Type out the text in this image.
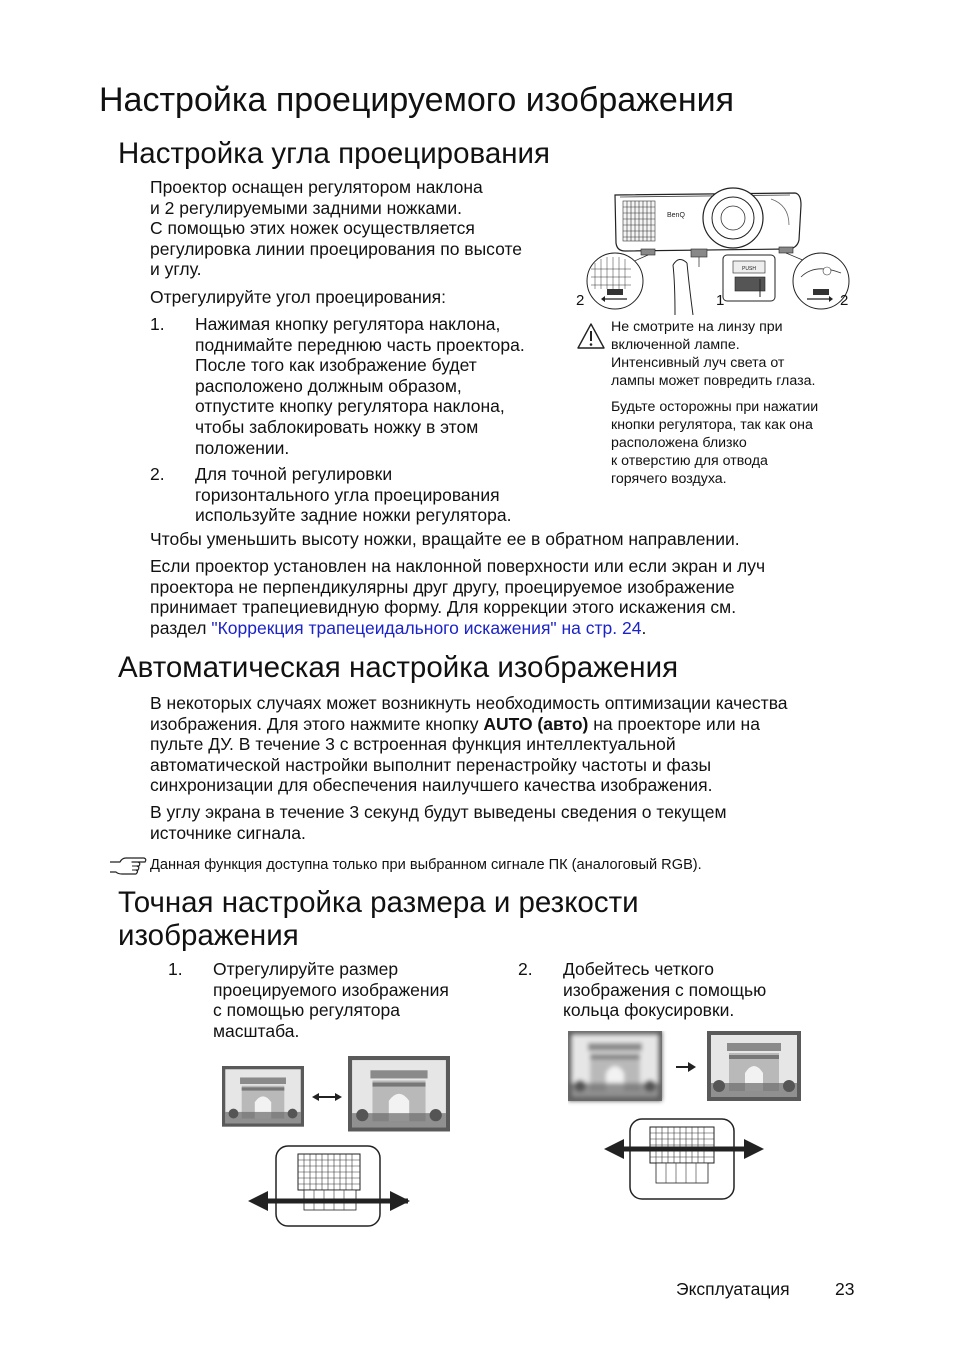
Настройка проецируемого изображения
Настройка угла проецирования
Проектор оснащен регулятором наклона
и 2 регулируемыми задними ножками.
С помощью этих ножек осуществляется
регулировка линии проецирования по высоте
и углу.
Отрегулируйте угол проецирования:
1. Нажимая кнопку регулятора наклона,
поднимайте переднюю часть проектора.
После того как изображение будет
расположено должным образом,
отпустите кнопку регулятора наклона,
чтобы заблокировать ножку в этом
положении.
2. Для точной регулировки
горизонтального угла проецирования
используйте задние ножки регулятора.
BenQ
PUSH
2	1	2
Не смотрите на линзу при
включенной лампе.
Интенсивный луч света от
лампы может повредить глаза.
Будьте осторожны при нажатии
кнопки регулятора, так как она
расположена близко
к отверстию для отвода
горячего воздуха.
Чтобы уменьшить высоту ножки, вращайте ее в обратном направлении.
Если проектор установлен на наклонной поверхности или если экран и луч
проектора не перпендикулярны друг другу, проецируемое изображение
принимает трапециевидную форму. Для коррекции этого искажения см.
раздел "Коррекция трапецеидального искажения" на стр. 24.
Автоматическая настройка изображения
В некоторых случаях может возникнуть необходимость оптимизации качества
изображения. Для этого нажмите кнопку AUTO (авто) на проекторе или на
пульте ДУ. В течение 3 с встроенная функция интеллектуальной
автоматической настройки выполнит перенастройку частоты и фазы
синхронизации для обеспечения наилучшего качества изображения.
В углу экрана в течение 3 секунд будут выведены сведения о текущем
источнике сигнала.
Данная функция доступна только при выбранном сигнале ПК (аналоговый RGB).
Точная настройка размера и резкости
изображения
1. Отрегулируйте размер
проецируемого изображения
с помощью регулятора
масштаба.
2. Добейтесь четкого
изображения с помощью
кольца фокусировки.
Эксплуатация	23
